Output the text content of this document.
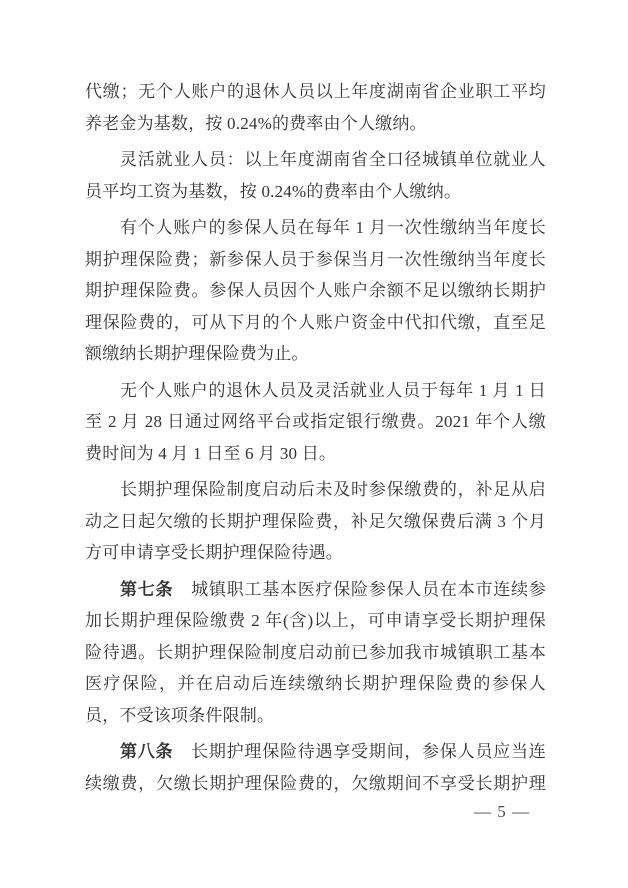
代缴；无个人账户的退休人员以上年度湖南省企业职工平均
养老金为基数，按 0.24%的费率由个人缴纳。
灵活就业人员：以上年度湖南省全口径城镇单位就业人
员平均工资为基数，按 0.24%的费率由个人缴纳。
有个人账户的参保人员在每年 1 月一次性缴纳当年度长
期护理保险费；新参保人员于参保当月一次性缴纳当年度长
期护理保险费。参保人员因个人账户余额不足以缴纳长期护
理保险费的，可从下月的个人账户资金中代扣代缴，直至足
额缴纳长期护理保险费为止。
无个人账户的退休人员及灵活就业人员于每年 1 月 1 日
至 2 月 28 日通过网络平台或指定银行缴费。2021 年个人缴
费时间为 4 月 1 日至 6 月 30 日。
长期护理保险制度启动后未及时参保缴费的，补足从启
动之日起欠缴的长期护理保险费，补足欠缴保费后满 3 个月
方可申请享受长期护理保险待遇。
第七条　城镇职工基本医疗保险参保人员在本市连续参
加长期护理保险缴费 2 年(含)以上，可申请享受长期护理保
险待遇。长期护理保险制度启动前已参加我市城镇职工基本
医疗保险，并在启动后连续缴纳长期护理保险费的参保人
员，不受该项条件限制。
第八条　长期护理保险待遇享受期间，参保人员应当连
续缴费，欠缴长期护理保险费的，欠缴期间不享受长期护理
— 5 —
